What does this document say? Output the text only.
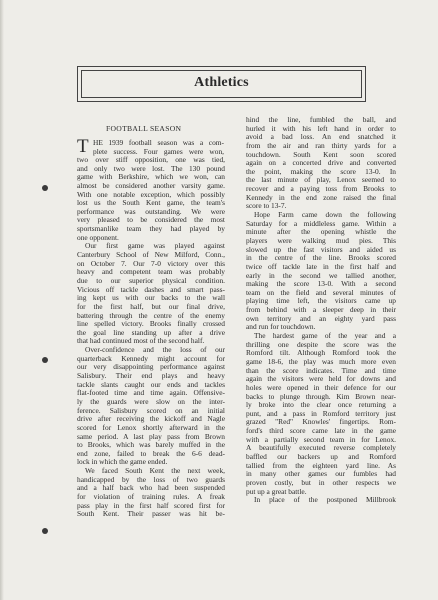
Athletics
FOOTBALL SEASON
T HE 1939 football season was a com-
plete success. Four games were won,
two over stiff opposition, one was tied,
and only two were lost. The 130 pound
game with Berkshire, which we won, can
almost be considered another varsity game.
With one notable exception, which possibly
lost us the South Kent game, the team's
performance was outstanding. We were
very pleased to be considered the most
sportsmanlike team they had played by
one opponent.
Our first game was played against
Canterbury School of New Milford, Conn.,
on October 7. Our 7-0 victory over this
heavy and competent team was probably
due to our superior physical condition.
Vicious off tackle dashes and smart pass-
ing kept us with our backs to the wall
for the first half, but our final drive,
battering through the centre of the enemy
line spelled victory. Brooks finally crossed
the goal line standing up after a drive
that had continued most of the second half.
Over-confidence and the loss of our
quarterback Kennedy might account for
our very disappointing performance against
Salisbury. Their end plays and heavy
tackle slants caught our ends and tackles
flat-footed time and time again. Offensive-
ly the guards were slow on the inter-
ference. Salisbury scored on an initial
drive after receiving the kickoff and Nagle
scored for Lenox shortly afterward in the
same period. A last play pass from Brown
to Brooks, which was barely muffed in the
end zone, failed to break the 6-6 dead-
lock in which the game ended.
We faced South Kent the next week,
handicapped by the loss of two guards
and a half back who had been suspended
for violation of training rules. A freak
pass play in the first half scored first for
South Kent. Their passer was hit be-
hind the line, fumbled the ball, and
hurled it with his left hand in order to
avoid a bad loss. An end snatched it
from the air and ran thirty yards for a
touchdown. South Kent soon scored
again on a concerted drive and converted
the point, making the score 13-0. In
the last minute of play, Lenox seemed to
recover and a paying toss from Brooks to
Kennedy in the end zone raised the final
score to 13-7.
Hope Farm came down the following
Saturday for a middleless game. Within a
minute after the opening whistle the
players were walking mud pies. This
slowed up the fast visitors and aided us
in the centre of the line. Brooks scored
twice off tackle late in the first half and
early in the second we tallied another,
making the score 13-0. With a second
team on the field and several minutes of
playing time left, the visitors came up
from behind with a sleeper deep in their
own territory and an eighty yard pass
and run for touchdown.
The hardest game of the year and a
thrilling one despite the score was the
Romford tilt. Although Romford took the
game 18-6, the play was much more even
than the score indicates. Time and time
again the visitors were held for downs and
holes were opened in their defence for our
backs to plunge through. Kim Brown near-
ly broke into the clear once returning a
punt, and a pass in Romford territory just
grazed "Red" Knowles' fingertips. Rom-
ford's third score came late in the game
with a partially second team in for Lenox.
A beautifully executed reverse completely
baffled our backers up and Romford
tallied from the eighteen yard line. As
in many other games our fumbles had
proven costly, but in other respects we
put up a great battle.
In place of the postponed Millbrook
